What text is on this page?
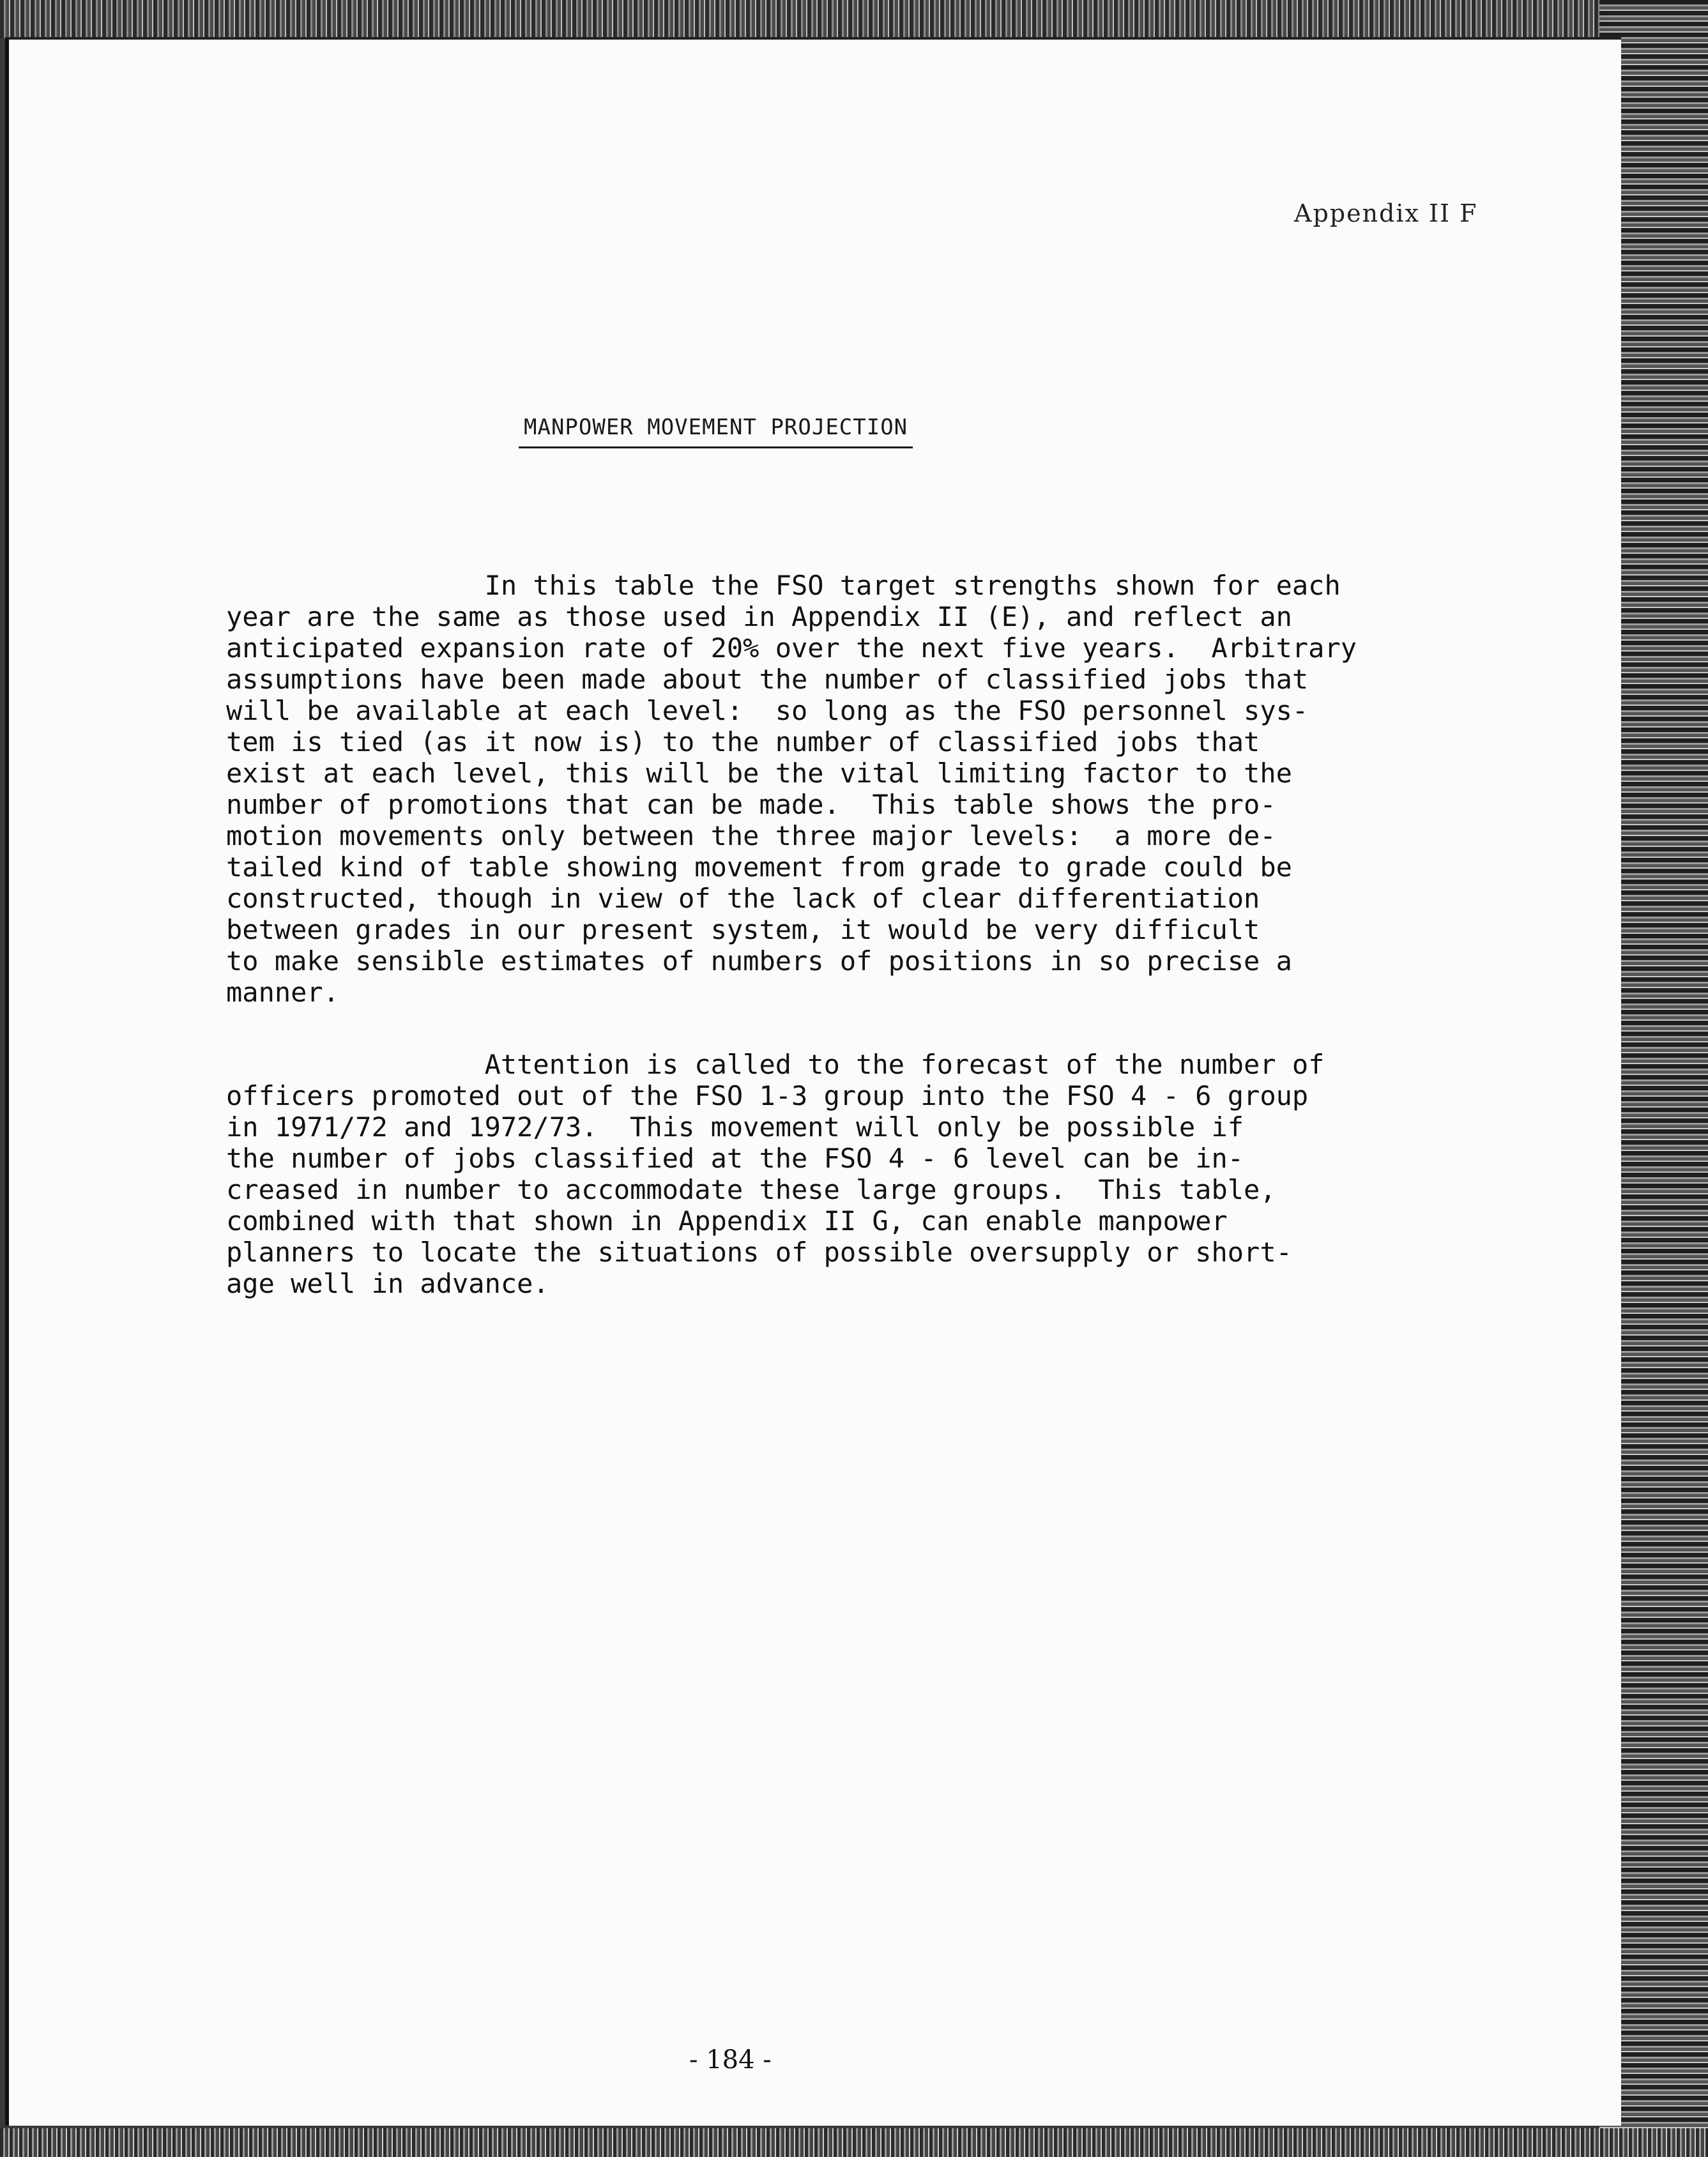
Appendix II F
MANPOWER MOVEMENT PROJECTION

In this table the FSO target strengths shown for each
year are the same as those used in Appendix II (E), and reflect an
anticipated expansion rate of 20% over the next five years.  Arbitrary
assumptions have been made about the number of classified jobs that
will be available at each level:  so long as the FSO personnel sys-
tem is tied (as it now is) to the number of classified jobs that
exist at each level, this will be the vital limiting factor to the
number of promotions that can be made.  This table shows the pro-
motion movements only between the three major levels:  a more de-
tailed kind of table showing movement from grade to grade could be
constructed, though in view of the lack of clear differentiation
between grades in our present system, it would be very difficult
to make sensible estimates of numbers of positions in so precise a
manner.

Attention is called to the forecast of the number of
officers promoted out of the FSO 1-3 group into the FSO 4 - 6 group
in 1971/72 and 1972/73.  This movement will only be possible if
the number of jobs classified at the FSO 4 - 6 level can be in-
creased in number to accommodate these large groups.  This table,
combined with that shown in Appendix II G, can enable manpower
planners to locate the situations of possible oversupply or short-
age well in advance.

- 184 -
